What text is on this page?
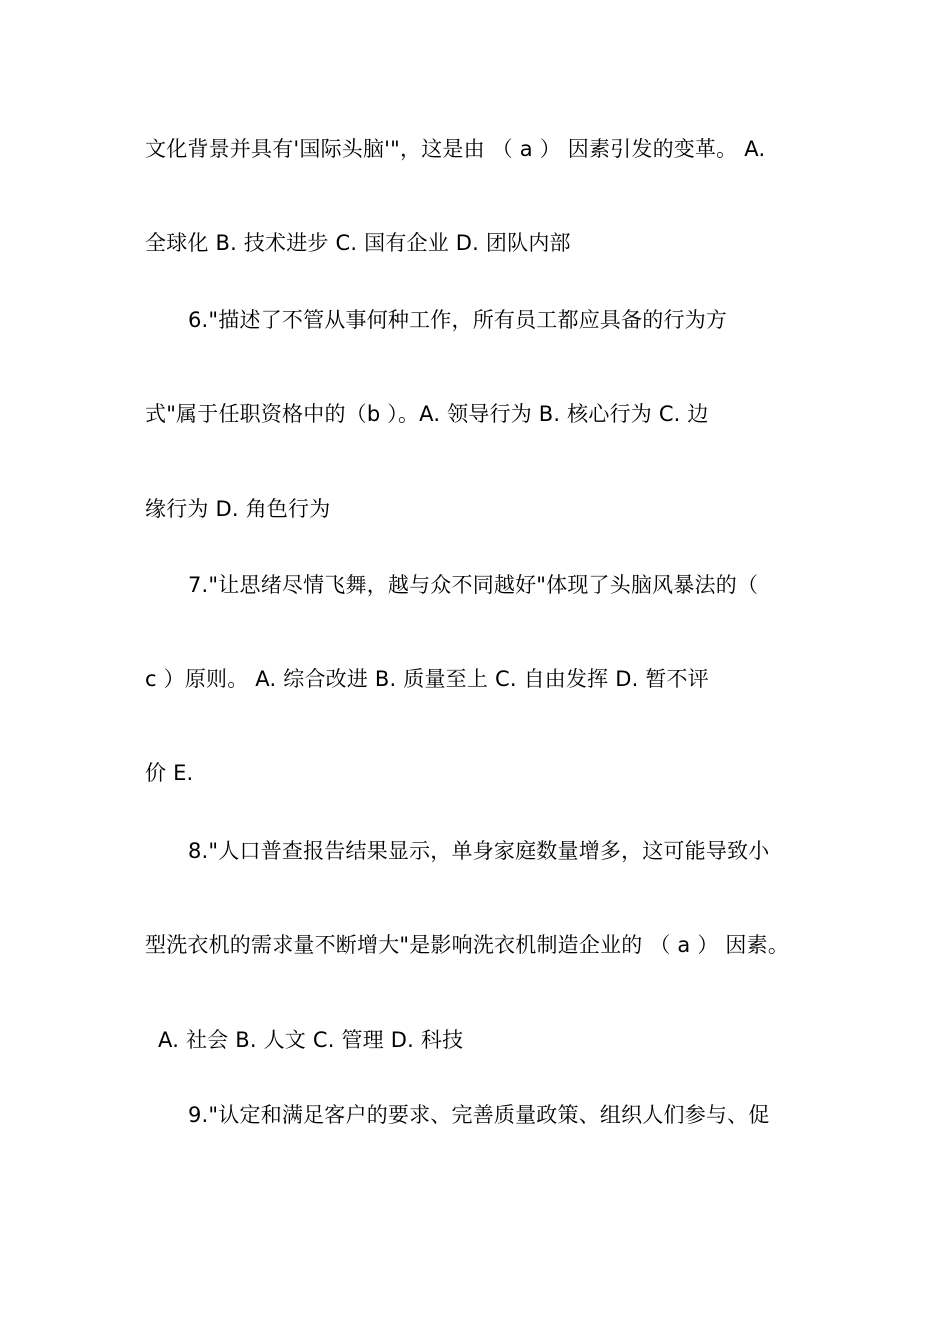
文化背景并具有'国际头脑'"，这是由 （ a ） 因素引发的变革。 A.
全球化 B. 技术进步 C. 国有企业 D. 团队内部
6."描述了不管从事何种工作，所有员工都应具备的行为方
式"属于任职资格中的（b ）。A. 领导行为 B. 核心行为 C. 边
缘行为 D. 角色行为
7."让思绪尽情飞舞，越与众不同越好"体现了头脑风暴法的（
c ）原则。 A. 综合改进 B. 质量至上 C. 自由发挥 D. 暂不评
价 E.
8."人口普查报告结果显示，单身家庭数量增多，这可能导致小
型洗衣机的需求量不断增大"是影响洗衣机制造企业的 （ a ） 因素。
A. 社会 B. 人文 C. 管理 D. 科技
9."认定和满足客户的要求、完善质量政策、组织人们参与、促
